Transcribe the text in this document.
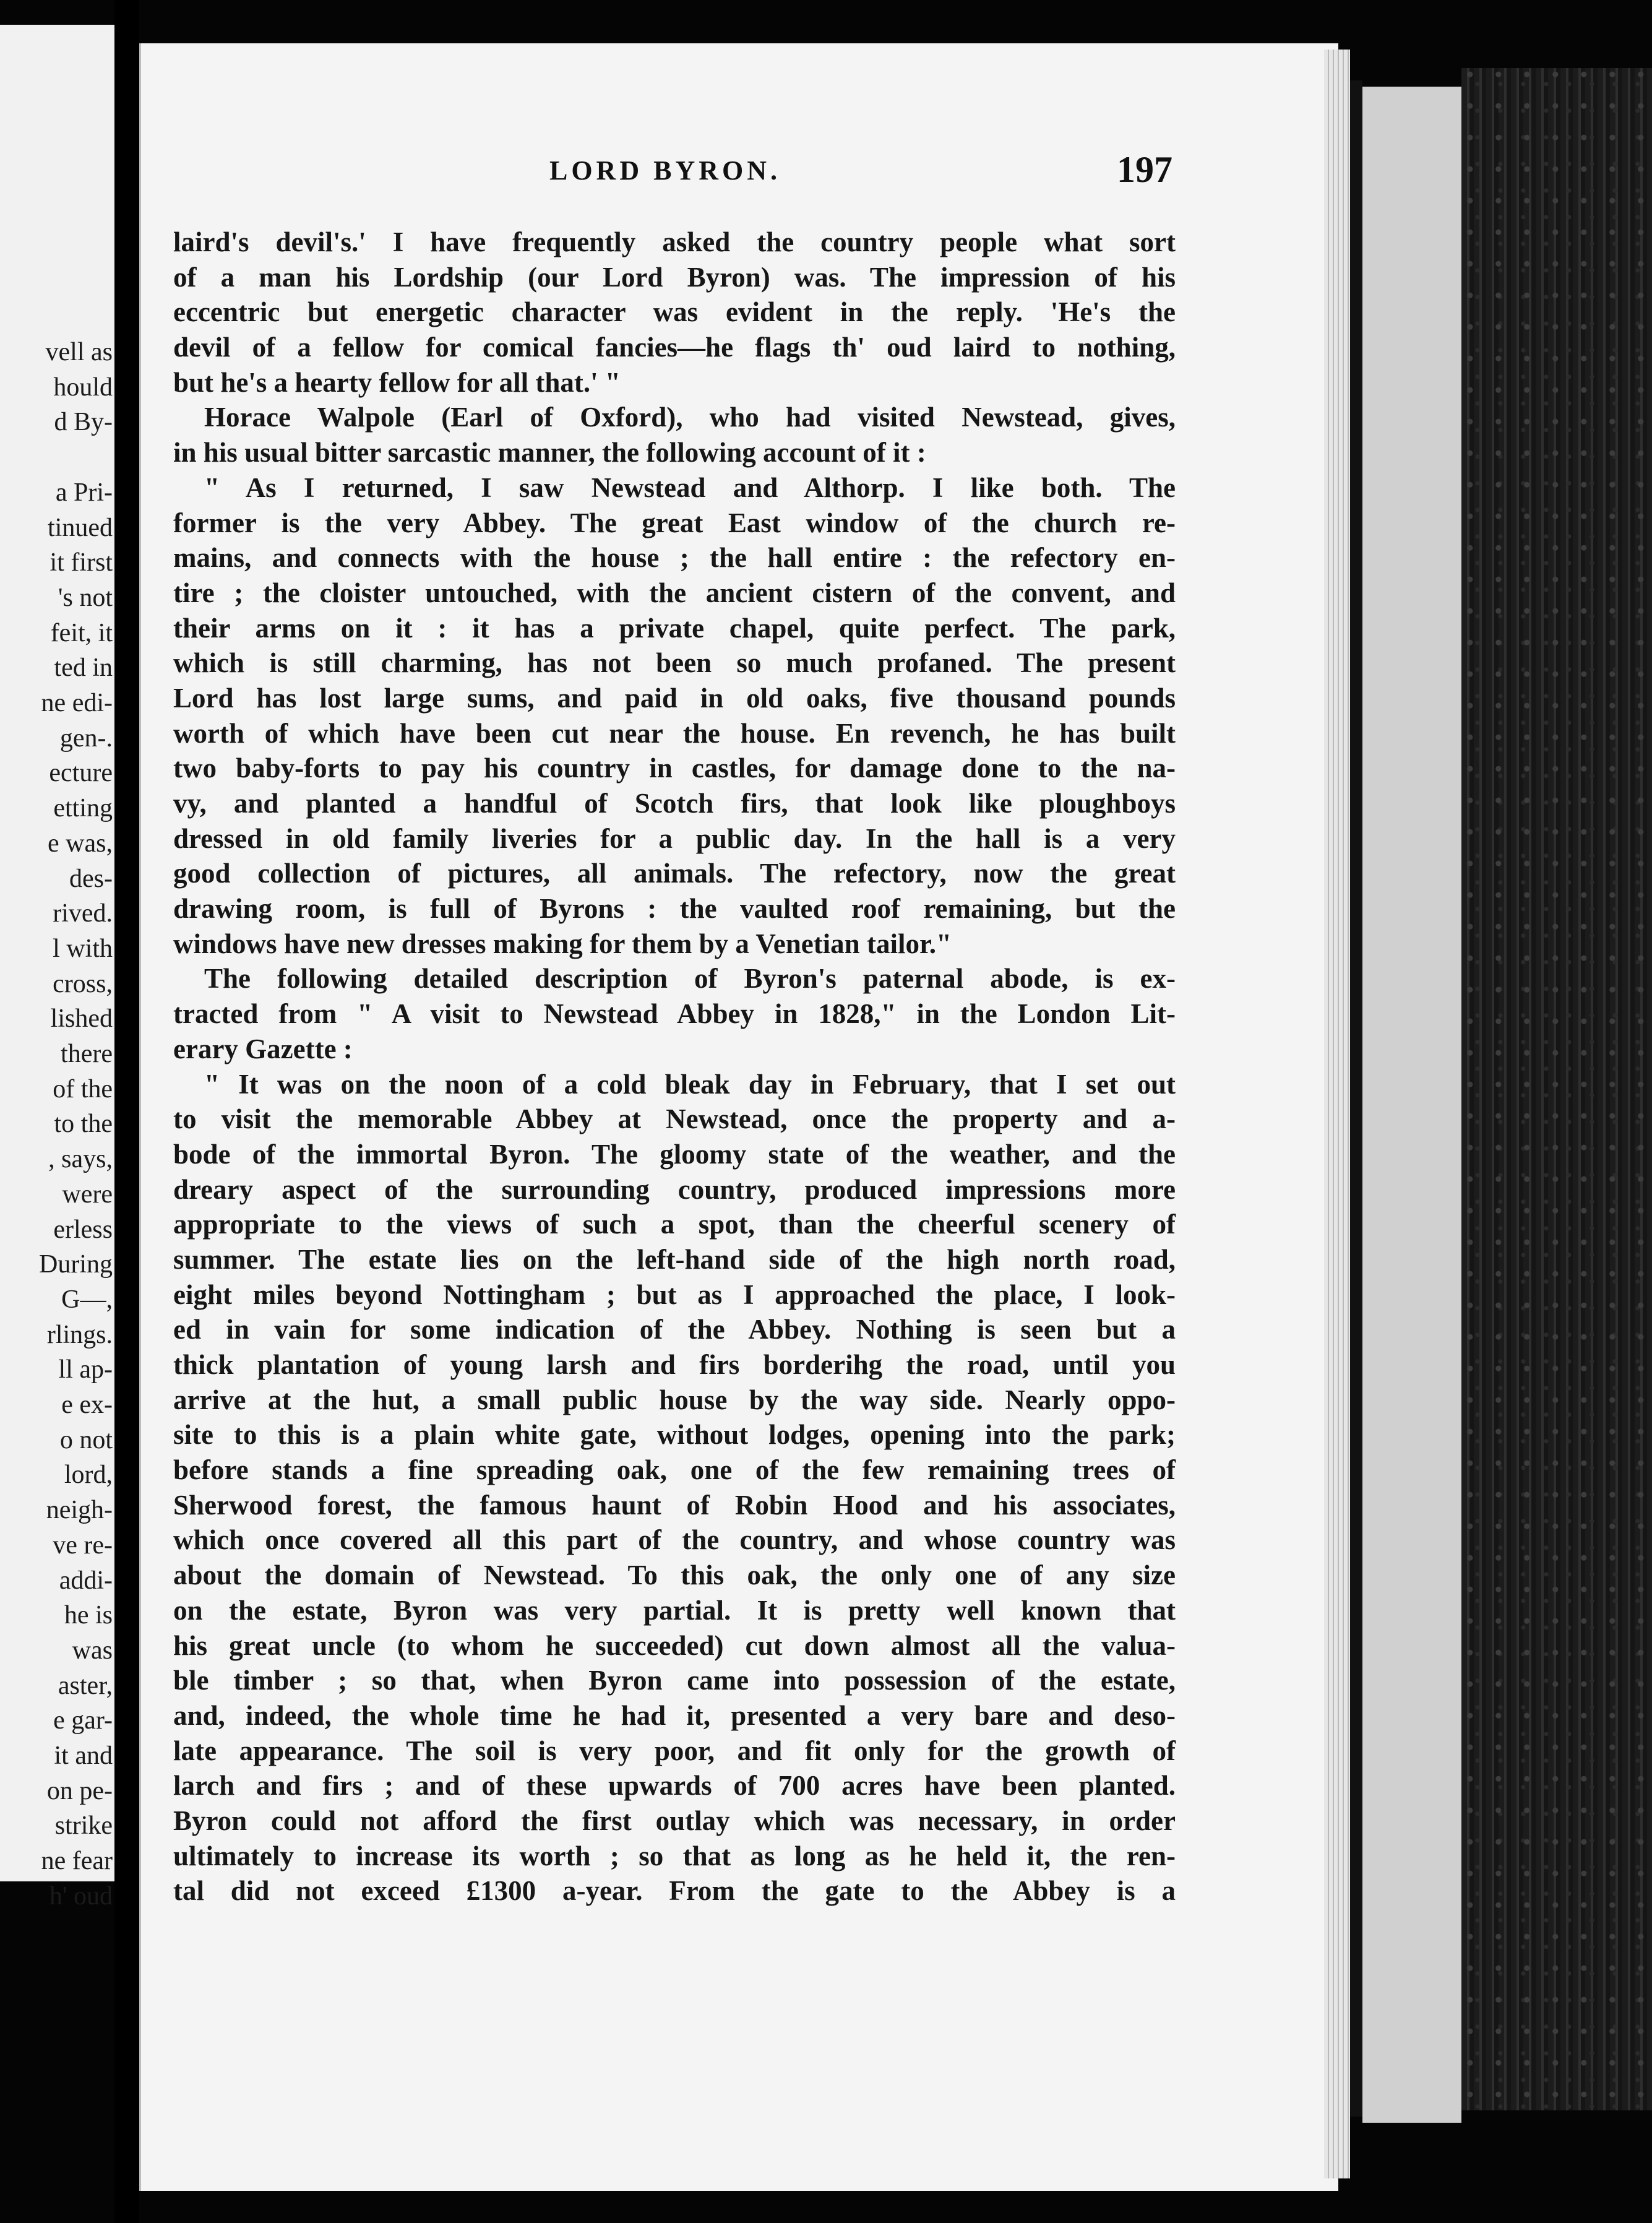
vell as
hould
d By-
a Pri-
tinued
it first
's not
feit, it
ted in
ne edi-
gen-.
ecture
etting
e was,
des-
rived.
l with
cross,
lished
there
of the
to the
, says,
were
erless
During
G—,
rlings.
ll ap-
e ex-
o not
lord,
neigh-
ve re-
addi-
he is
was
aster,
e gar-
it and
on pe-
strike
ne fear
h' oud
LORD BYRON.	197
laird's devil's.' I have frequently asked the country people what sort
of a man his Lordship (our Lord Byron) was. The impression of his
eccentric but energetic character was evident in the reply. 'He's the
devil of a fellow for comical fancies—he flags th' oud laird to nothing,
but he's a hearty fellow for all that.' "
Horace Walpole (Earl of Oxford), who had visited Newstead, gives,
in his usual bitter sarcastic manner, the following account of it :
" As I returned, I saw Newstead and Althorp. I like both. The
former is the very Abbey. The great East window of the church re-
mains, and connects with the house ; the hall entire : the refectory en-
tire ; the cloister untouched, with the ancient cistern of the convent, and
their arms on it : it has a private chapel, quite perfect. The park,
which is still charming, has not been so much profaned. The present
Lord has lost large sums, and paid in old oaks, five thousand pounds
worth of which have been cut near the house. En revench, he has built
two baby-forts to pay his country in castles, for damage done to the na-
vy, and planted a handful of Scotch firs, that look like ploughboys
dressed in old family liveries for a public day. In the hall is a very
good collection of pictures, all animals. The refectory, now the great
drawing room, is full of Byrons : the vaulted roof remaining, but the
windows have new dresses making for them by a Venetian tailor."
The following detailed description of Byron's paternal abode, is ex-
tracted from " A visit to Newstead Abbey in 1828," in the London Lit-
erary Gazette :
" It was on the noon of a cold bleak day in February, that I set out
to visit the memorable Abbey at Newstead, once the property and a-
bode of the immortal Byron. The gloomy state of the weather, and the
dreary aspect of the surrounding country, produced impressions more
appropriate to the views of such a spot, than the cheerful scenery of
summer. The estate lies on the left-hand side of the high north road,
eight miles beyond Nottingham ; but as I approached the place, I look-
ed in vain for some indication of the Abbey. Nothing is seen but a
thick plantation of young larsh and firs borderihg the road, until you
arrive at the hut, a small public house by the way side. Nearly oppo-
site to this is a plain white gate, without lodges, opening into the park;
before stands a fine spreading oak, one of the few remaining trees of
Sherwood forest, the famous haunt of Robin Hood and his associates,
which once covered all this part of the country, and whose country was
about the domain of Newstead. To this oak, the only one of any size
on the estate, Byron was very partial. It is pretty well known that
his great uncle (to whom he succeeded) cut down almost all the valua-
ble timber ; so that, when Byron came into possession of the estate,
and, indeed, the whole time he had it, presented a very bare and deso-
late appearance. The soil is very poor, and fit only for the growth of
larch and firs ; and of these upwards of 700 acres have been planted.
Byron could not afford the first outlay which was necessary, in order
ultimately to increase its worth ; so that as long as he held it, the ren-
tal did not exceed £1300 a-year. From the gate to the Abbey is a
